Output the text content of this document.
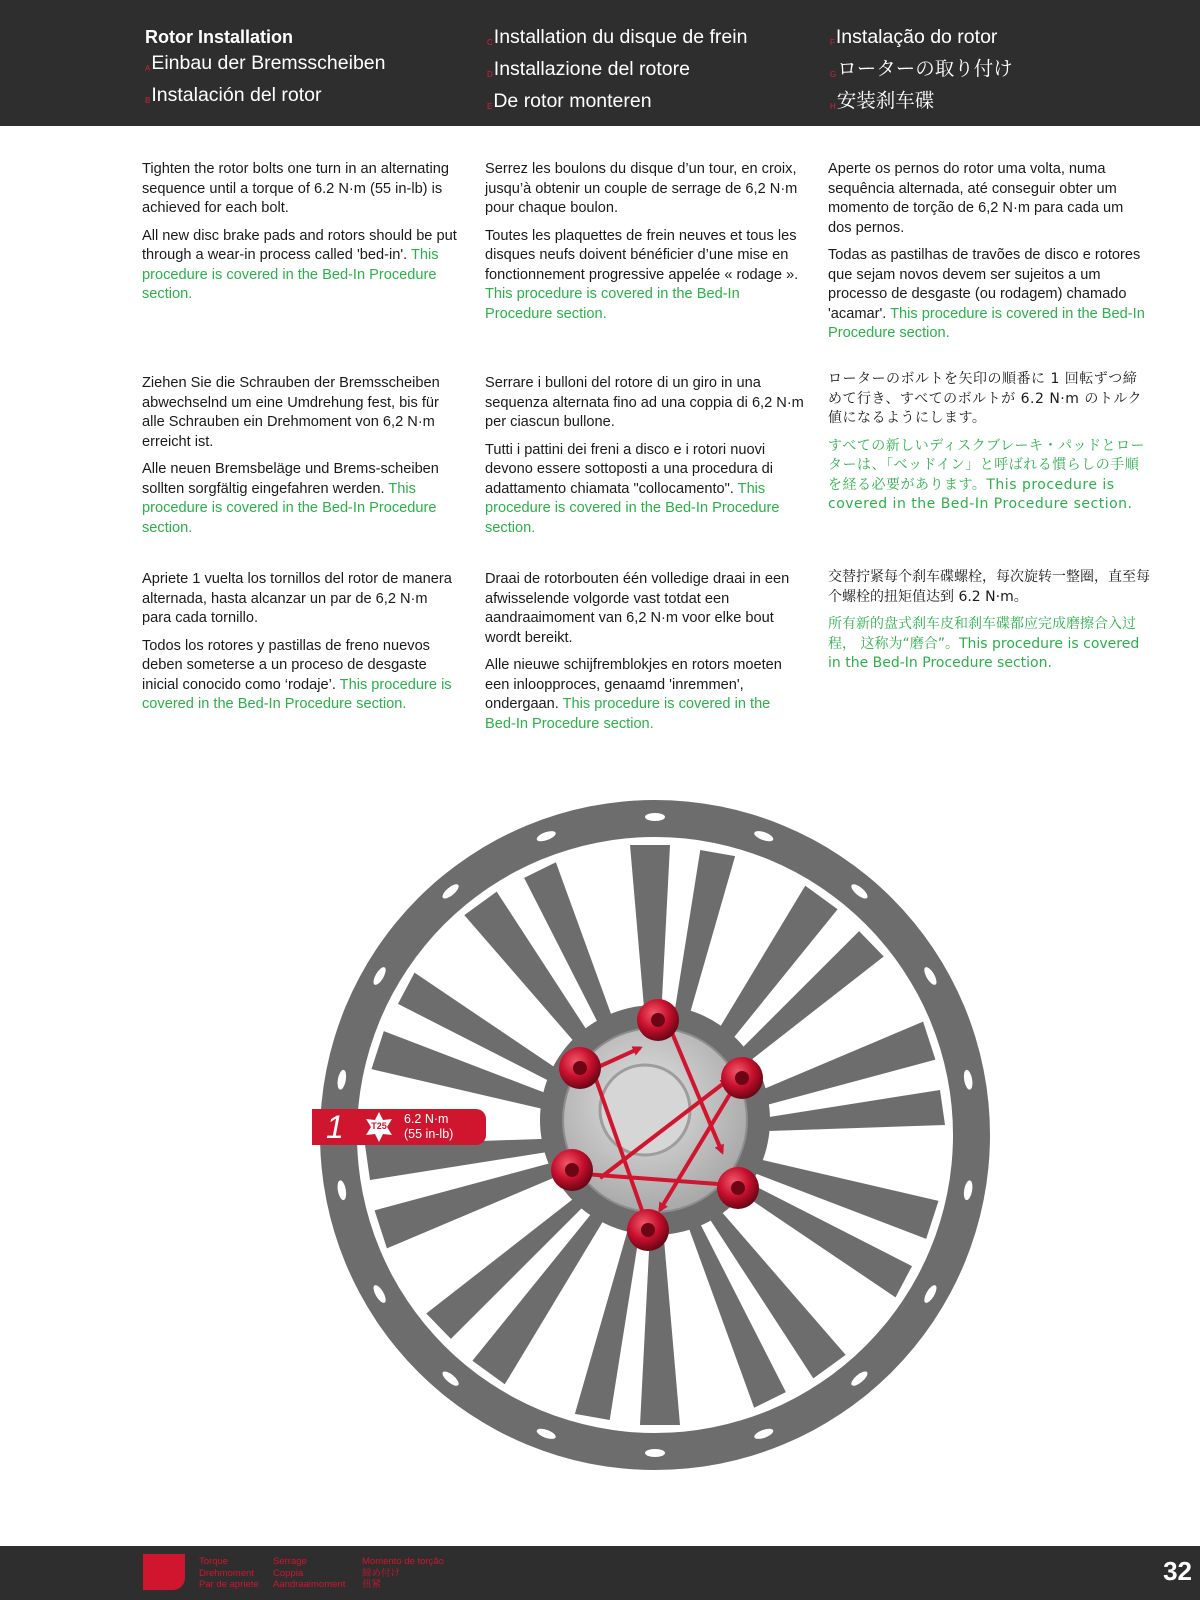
Rotor Installation
AEinbau der Bremsscheiben
BInstalación del rotor
CInstallation du disque de frein
DInstallazione del rotore
EDe rotor monteren
FInstalação do rotor
Gローターの取り付け
H安装刹车碟

Tighten the rotor bolts one turn in an alternating sequence until a torque of 6.2 N·m (55 in-lb) is achieved for each bolt.

All new disc brake pads and rotors should be put through a wear-in process called 'bed-in'. This procedure is covered in the Bed-In Procedure section.

Serrez les boulons du disque d’un tour, en croix, jusqu’à obtenir un couple de serrage de 6,2 N·m pour chaque boulon.

Toutes les plaquettes de frein neuves et tous les disques neufs doivent bénéficier d’une mise en fonctionnement progressive appelée « rodage ». This procedure is covered in the Bed-In Procedure section.

Aperte os pernos do rotor uma volta, numa sequência alternada, até conseguir obter um momento de torção de 6,2 N·m para cada um dos pernos.

Todas as pastilhas de travões de disco e rotores que sejam novos devem ser sujeitos a um processo de desgaste (ou rodagem) chamado 'acamar'. This procedure is covered in the Bed-In Procedure section.

Ziehen Sie die Schrauben der Bremsscheiben abwechselnd um eine Umdrehung fest, bis für alle Schrauben ein Drehmoment von 6,2 N·m erreicht ist.

Alle neuen Bremsbeläge und Brems-scheiben sollten sorgfältig eingefahren werden. This procedure is covered in the Bed-In Procedure section.

Serrare i bulloni del rotore di un giro in una sequenza alternata fino ad una coppia di 6,2 N·m per ciascun bullone.

Tutti i pattini dei freni a disco e i rotori nuovi devono essere sottoposti a una procedura di adattamento chiamata "collocamento". This procedure is covered in the Bed-In Procedure section.

ローターのボルトを矢印の順番に 1 回転ずつ締めて行き、すべてのボルトが 6.2 N·m のトルク値になるようにします。

すべての新しいディスクブレーキ・パッドとローターは、「ベッドイン」と呼ばれる慣らしの手順を経る必要があります。This procedure is covered in the Bed-In Procedure section.

Apriete 1 vuelta los tornillos del rotor de manera alternada, hasta alcanzar un par de 6,2 N·m para cada tornillo.

Todos los rotores y pastillas de freno nuevos deben someterse a un proceso de desgaste inicial conocido como ‘rodaje’. This procedure is covered in the Bed-In Procedure section.

Draai de rotorbouten één volledige draai in een afwisselende volgorde vast totdat een aandraaimoment van 6,2 N·m voor elke bout wordt bereikt.

Alle nieuwe schijfremblokjes en rotors moeten een inloopproces, genaamd 'inremmen', ondergaan. This procedure is covered in the Bed-In Procedure section.

交替拧紧每个刹车碟螺栓，每次旋转一整圈，直至每个螺栓的扭矩值达到 6.2 N·m。

所有新的盘式刹车皮和刹车碟都应完成磨擦合入过程， 这称为“磨合”。This procedure is covered in the Bed-In Procedure section.

1	T25	6.2 N·m
(55 in-lb)
Torque
Drehmoment
Par de apriete
Serrage
Coppia
Aandraaimoment
Momento de torção
締め付け
扭紧	32
